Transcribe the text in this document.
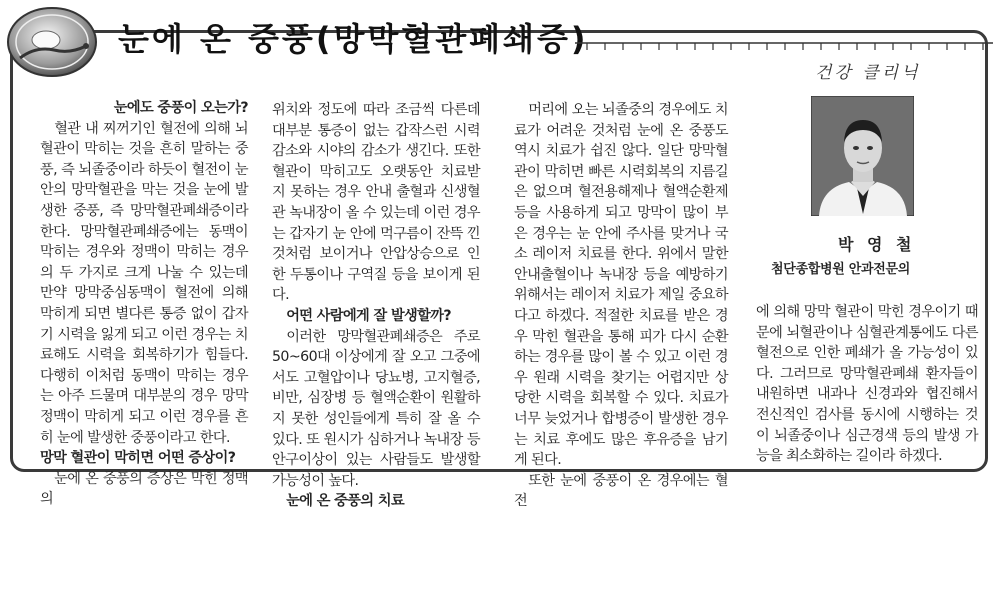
눈에 온 중풍(망막혈관폐쇄증)
눈에도 중풍이 오는가?

혈관 내 찌꺼기인 혈전에 의해 뇌혈관이 막히는 것을 흔히 말하는 중풍, 즉 뇌졸중이라 하듯이 혈전이 눈 안의 망막혈관을 막는 것을 눈에 발생한 중풍, 즉 망막혈관폐쇄증이라 한다. 망막혈관폐쇄증에는 동맥이 막히는 경우와 정맥이 막히는 경우의 두 가지로 크게 나눌 수 있는데 만약 망막중심동맥이 혈전에 의해 막히게 되면 별다른 통증 없이 갑자기 시력을 잃게 되고 이런 경우는 치료해도 시력을 회복하기가 힘들다. 다행히 이처럼 동맥이 막히는 경우는 아주 드물며 대부분의 경우 망막정맥이 막히게 되고 이런 경우를 흔히 눈에 발생한 중풍이라고 한다.

망막 혈관이 막히면 어떤 증상이?

눈에 온 중풍의 증상은 막힌 정맥의

위치와 정도에 따라 조금씩 다른데 대부분 통증이 없는 갑작스런 시력감소와 시야의 감소가 생긴다. 또한 혈관이 막히고도 오랫동안 치료받지 못하는 경우 안내 출혈과 신생혈관 녹내장이 올 수 있는데 이런 경우는 갑자기 눈 안에 먹구름이 잔뜩 낀 것처럼 보이거나 안압상승으로 인한 두통이나 구역질 등을 보이게 된다.

어떤 사람에게 잘 발생할까?

이러한 망막혈관폐쇄증은 주로 50~60대 이상에게 잘 오고 그중에서도 고혈압이나 당뇨병, 고지혈증, 비만, 심장병 등 혈액순환이 원활하지 못한 성인들에게 특히 잘 올 수 있다. 또 원시가 심하거나 녹내장 등 안구이상이 있는 사람들도 발생할 가능성이 높다.

눈에 온 중풍의 치료

머리에 오는 뇌졸중의 경우에도 치료가 어려운 것처럼 눈에 온 중풍도 역시 치료가 쉽진 않다. 일단 망막혈관이 막히면 빠른 시력회복의 지름길은 없으며 혈전용해제나 혈액순환제 등을 사용하게 되고 망막이 많이 부은 경우는 눈 안에 주사를 맞거나 국소 레이저 치료를 한다. 위에서 말한 안내출혈이나 녹내장 등을 예방하기 위해서는 레이저 치료가 제일 중요하다고 하겠다. 적절한 치료를 받은 경우 막힌 혈관을 통해 피가 다시 순환하는 경우를 많이 볼 수 있고 이런 경우 원래 시력을 찾기는 어렵지만 상당한 시력을 회복할 수 있다. 치료가 너무 늦었거나 합병증이 발생한 경우는 치료 후에도 많은 후유증을 남기게 된다.

또한 눈에 중풍이 온 경우에는 혈전

건강 클리닉
박 영 철
첨단종합병원 안과전문의

에 의해 망막 혈관이 막힌 경우이기 때문에 뇌혈관이나 심혈관계통에도 다른 혈전으로 인한 폐쇄가 올 가능성이 있다. 그러므로 망막혈관폐쇄 환자들이 내원하면 내과나 신경과와 협진해서 전신적인 검사를 동시에 시행하는 것이 뇌졸중이나 심근경색 등의 발생 가능을 최소화하는 길이라 하겠다.
